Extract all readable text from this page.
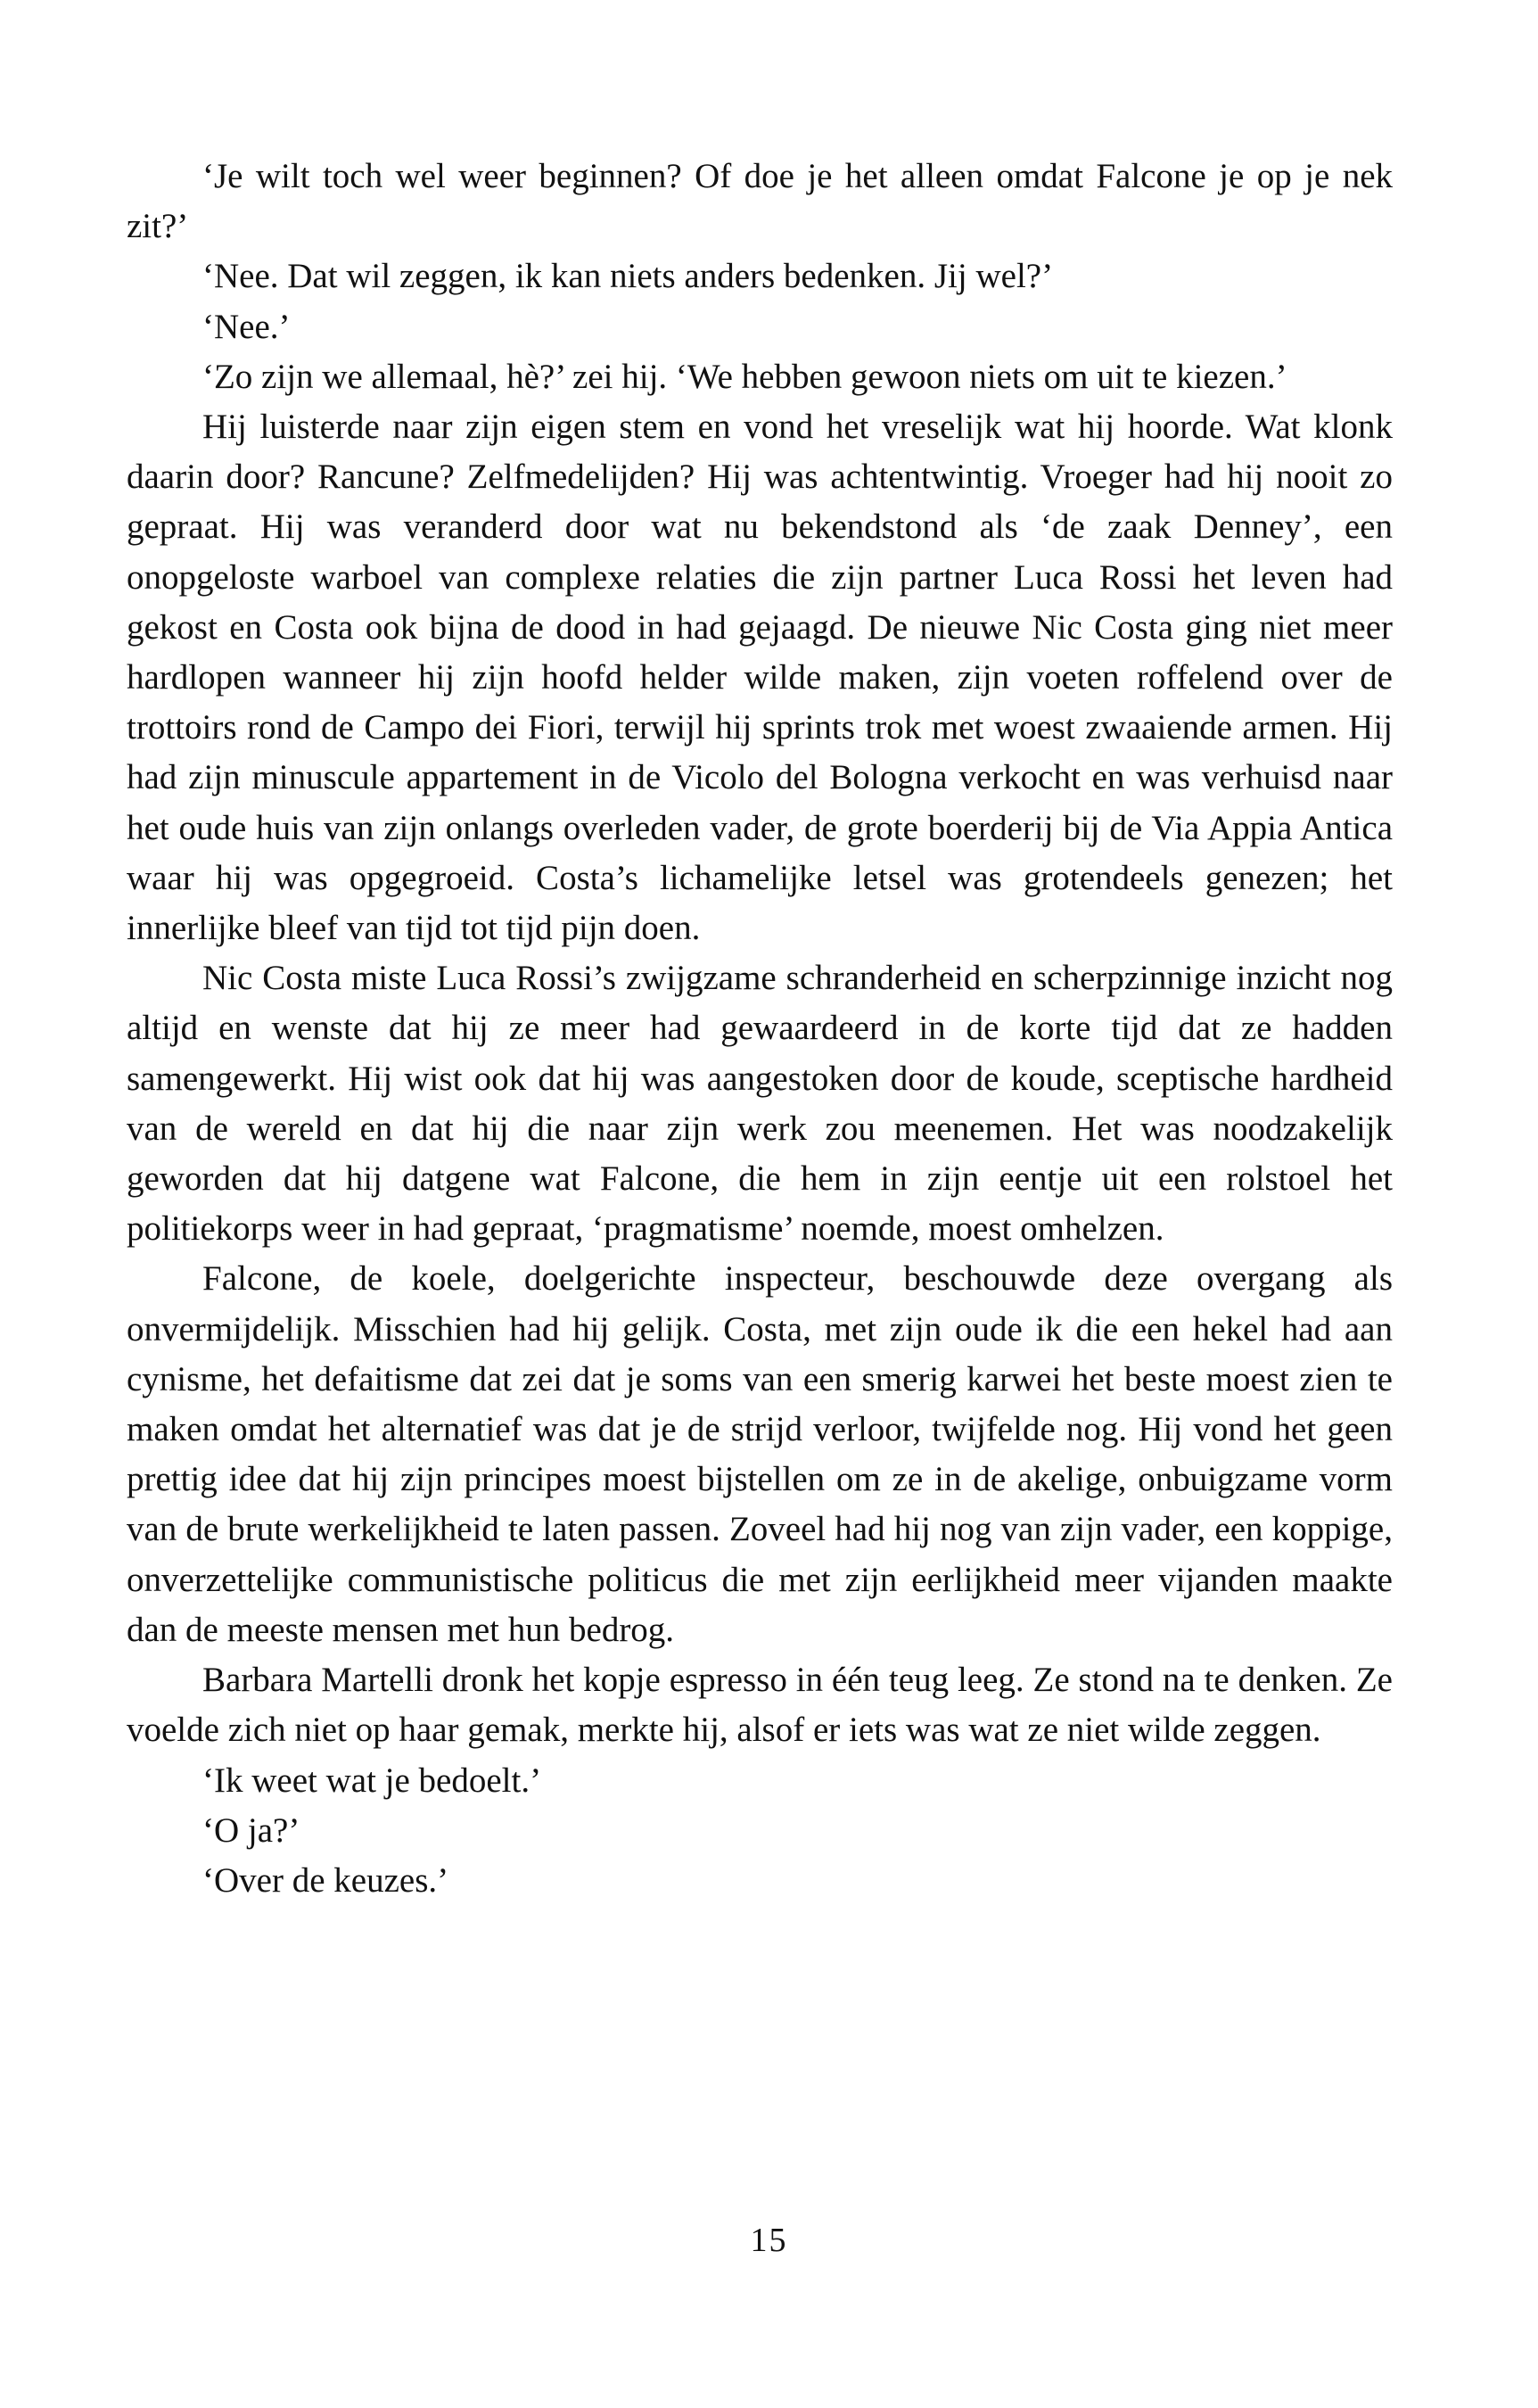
‘Je wilt toch wel weer beginnen? Of doe je het alleen omdat Falcone je op je nek zit?’

‘Nee. Dat wil zeggen, ik kan niets anders bedenken. Jij wel?’

‘Nee.’

‘Zo zijn we allemaal, hè?’ zei hij. ‘We hebben gewoon niets om uit te kiezen.’

Hij luisterde naar zijn eigen stem en vond het vreselijk wat hij hoorde. Wat klonk daarin door? Rancune? Zelfmedelijden? Hij was achtentwintig. Vroeger had hij nooit zo gepraat. Hij was veranderd door wat nu bekendstond als ‘de zaak Denney’, een onopgeloste warboel van complexe relaties die zijn partner Luca Rossi het leven had gekost en Costa ook bijna de dood in had gejaagd. De nieuwe Nic Costa ging niet meer hardlopen wanneer hij zijn hoofd helder wilde maken, zijn voeten roffelend over de trottoirs rond de Campo dei Fiori, terwijl hij sprints trok met woest zwaaiende armen. Hij had zijn minuscule appartement in de Vicolo del Bologna verkocht en was verhuisd naar het oude huis van zijn onlangs overleden vader, de grote boerderij bij de Via Appia Antica waar hij was opgegroeid. Costa’s lichamelijke letsel was grotendeels genezen; het innerlijke bleef van tijd tot tijd pijn doen.

Nic Costa miste Luca Rossi’s zwijgzame schranderheid en scherpzinnige inzicht nog altijd en wenste dat hij ze meer had gewaardeerd in de korte tijd dat ze hadden samengewerkt. Hij wist ook dat hij was aangestoken door de koude, sceptische hardheid van de wereld en dat hij die naar zijn werk zou meenemen. Het was noodzakelijk geworden dat hij datgene wat Falcone, die hem in zijn eentje uit een rolstoel het politiekorps weer in had gepraat, ‘pragmatisme’ noemde, moest omhelzen.

Falcone, de koele, doelgerichte inspecteur, beschouwde deze overgang als onvermijdelijk. Misschien had hij gelijk. Costa, met zijn oude ik die een hekel had aan cynisme, het defaitisme dat zei dat je soms van een smerig karwei het beste moest zien te maken omdat het alternatief was dat je de strijd verloor, twijfelde nog. Hij vond het geen prettig idee dat hij zijn principes moest bijstellen om ze in de akelige, onbuigzame vorm van de brute werkelijkheid te laten passen. Zoveel had hij nog van zijn vader, een koppige, onverzettelijke communistische politicus die met zijn eerlijkheid meer vijanden maakte dan de meeste mensen met hun bedrog.

Barbara Martelli dronk het kopje espresso in één teug leeg. Ze stond na te denken. Ze voelde zich niet op haar gemak, merkte hij, alsof er iets was wat ze niet wilde zeggen.

‘Ik weet wat je bedoelt.’

‘O ja?’

‘Over de keuzes.’

15
